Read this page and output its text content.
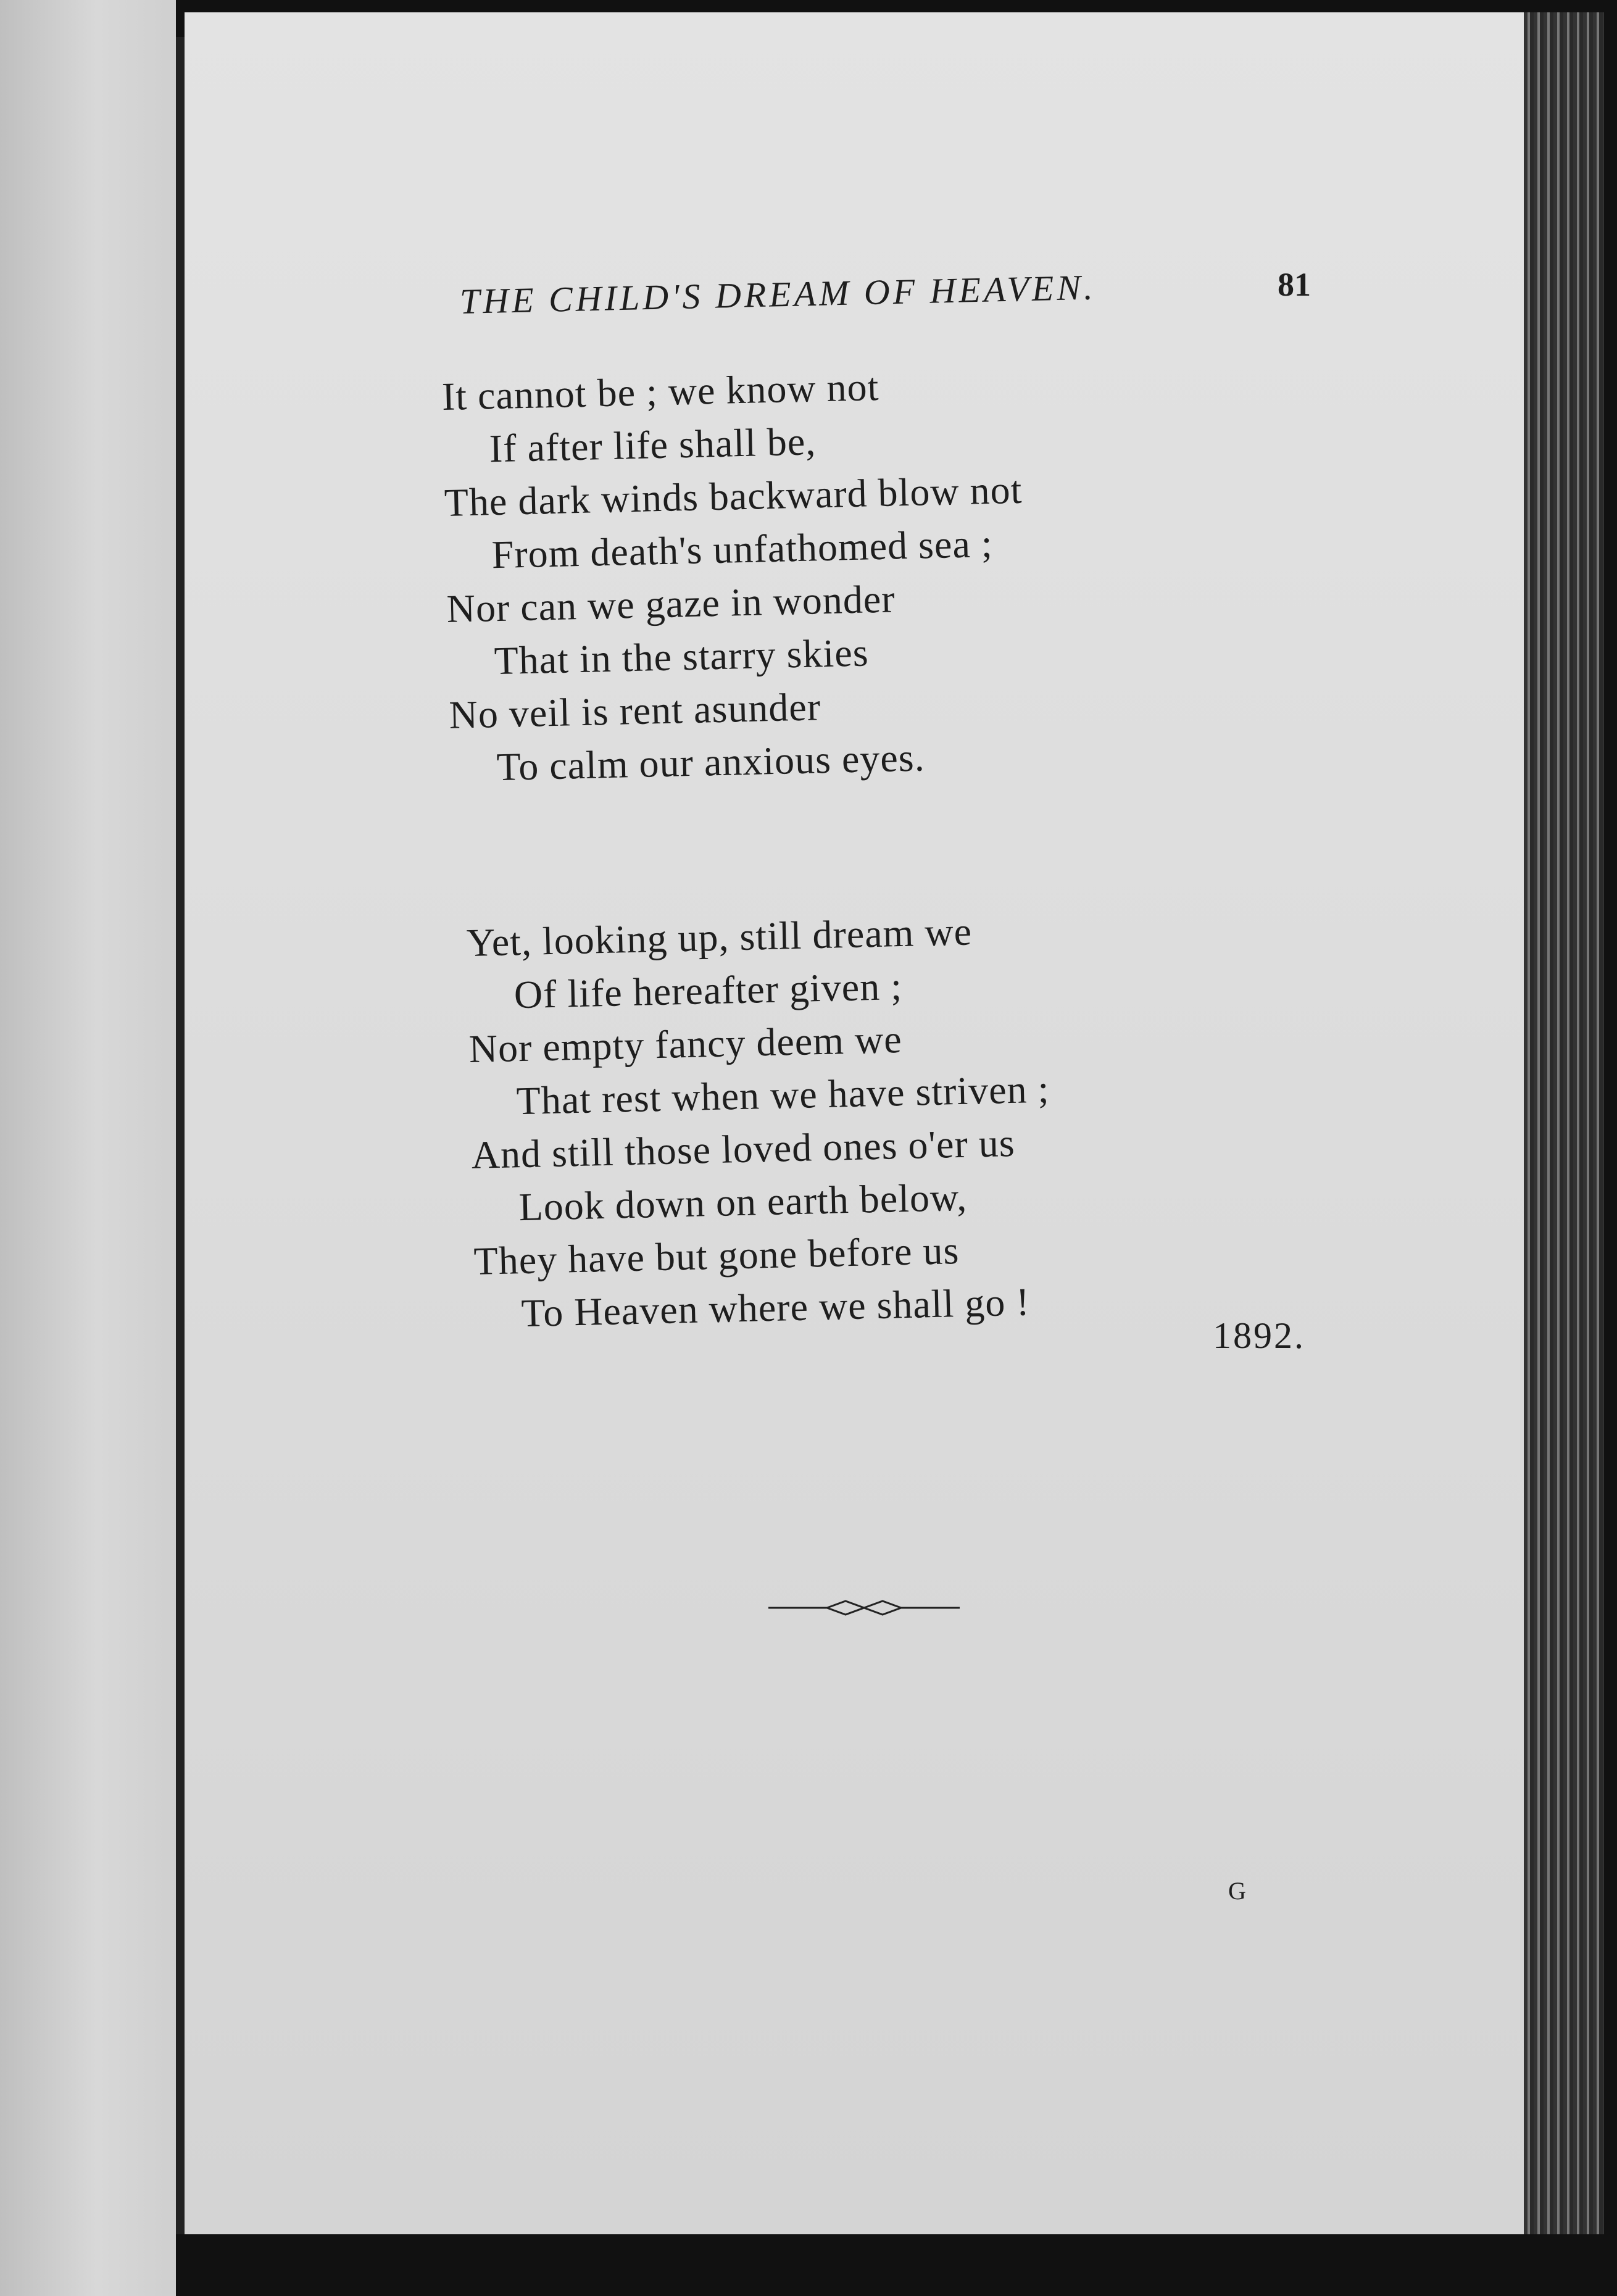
THE CHILD'S DREAM OF HEAVEN.	81
It cannot be ; we know not
If after life shall be,
The dark winds backward blow not
From death's unfathomed sea ;
Nor can we gaze in wonder
That in the starry skies
No veil is rent asunder
To calm our anxious eyes.
Yet, looking up, still dream we
Of life hereafter given ;
Nor empty fancy deem we
That rest when we have striven ;
And still those loved ones o'er us
Look down on earth below,
They have but gone before us
To Heaven where we shall go !
1892.
G
